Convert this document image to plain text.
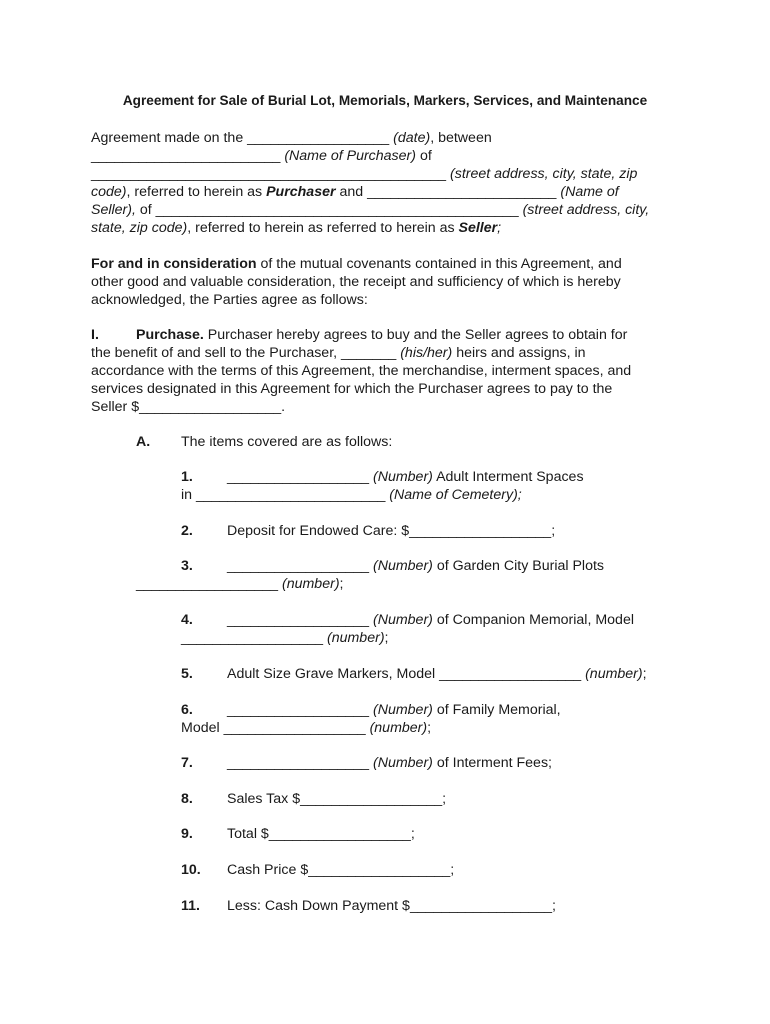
Agreement for Sale of Burial Lot, Memorials, Markers, Services, and Maintenance
Agreement made on the __________________ (date), between
________________________ (Name of Purchaser) of
_____________________________________________ (street address, city, state, zip
code), referred to herein as Purchaser and ________________________ (Name of
Seller), of ______________________________________________ (street address, city,
state, zip code), referred to herein as referred to herein as Seller;
For and in consideration of the mutual covenants contained in this Agreement, and
other good and valuable consideration, the receipt and sufficiency of which is hereby
acknowledged, the Parties agree as follows:
I.	Purchase. Purchaser hereby agrees to buy and the Seller agrees to obtain for
the benefit of and sell to the Purchaser, _______ (his/her) heirs and assigns, in
accordance with the terms of this Agreement, the merchandise, interment spaces, and
services designated in this Agreement for which the Purchaser agrees to pay to the
Seller $__________________.
A. The items covered are as follows:
1. __________________ (Number) Adult Interment Spaces
in ________________________ (Name of Cemetery);
2. Deposit for Endowed Care: $__________________;
3. __________________ (Number) of Garden City Burial Plots
__________________ (number);
4. __________________ (Number) of Companion Memorial, Model
__________________ (number);
5. Adult Size Grave Markers, Model __________________ (number);
6. __________________ (Number) of Family Memorial,
Model __________________ (number);
7. __________________ (Number) of Interment Fees;
8. Sales Tax $__________________;
9. Total $__________________;
10. Cash Price $__________________;
11. Less: Cash Down Payment $__________________;
